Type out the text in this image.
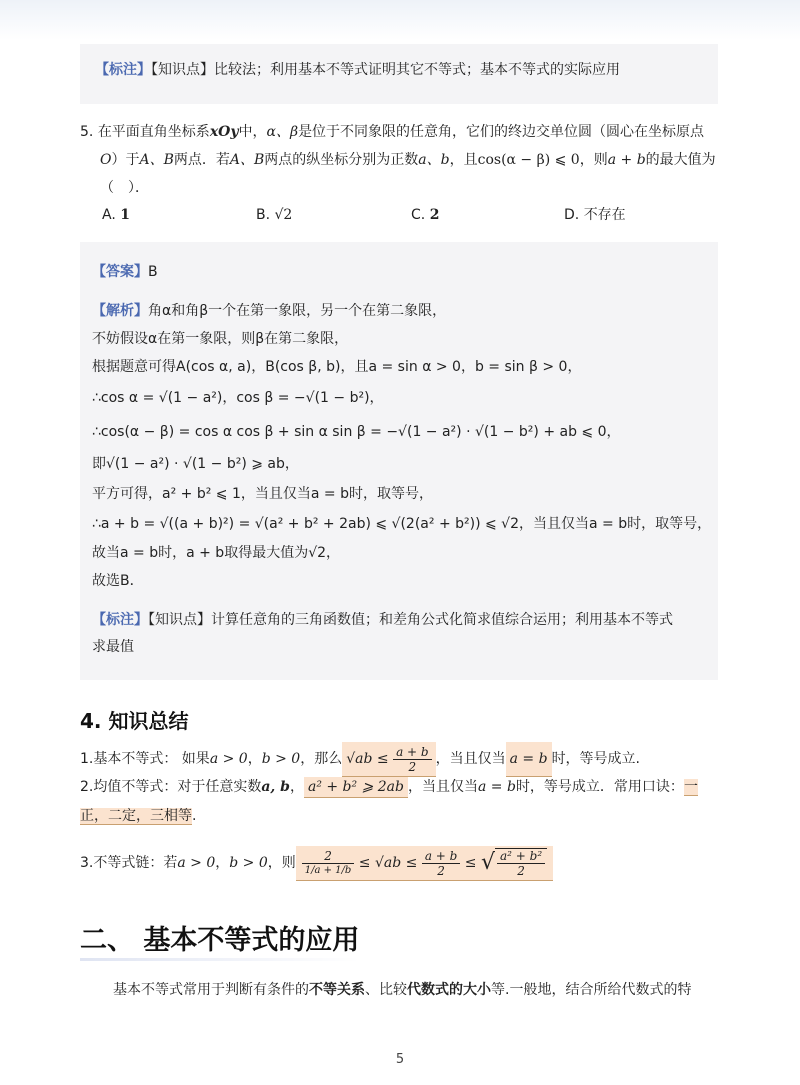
【标注】【知识点】比较法；利用基本不等式证明其它不等式；基本不等式的实际应用
5. 在平面直角坐标系xOy中，α、β是位于不同象限的任意角，它们的终边交单位圆（圆心在坐标原点
O）于A、B两点．若A、B两点的纵坐标分别为正数a、b，且cos(α − β) ⩽ 0，则a + b的最大值为
（　）．
A. 1	B. √2	C. 2	D. 不存在
【答案】B
【解析】角α和角β一个在第一象限，另一个在第二象限，
不妨假设α在第一象限，则β在第二象限，
根据题意可得A(cos α, a)，B(cos β, b)，且a = sin α > 0，b = sin β > 0，
∴cos α = √(1 − a²)，cos β = −√(1 − b²)，
∴cos(α − β) = cos α cos β + sin α sin β = −√(1 − a²) · √(1 − b²) + ab ⩽ 0，
即√(1 − a²) · √(1 − b²) ⩾ ab，
平方可得，a² + b² ⩽ 1，当且仅当a = b时，取等号，
∴a + b = √((a + b)²) = √(a² + b² + 2ab) ⩽ √(2(a² + b²)) ⩽ √2，当且仅当a = b时，取等号，
故当a = b时，a + b取得最大值为√2，
故选B．
【标注】【知识点】计算任意角的三角函数值；和差角公式化简求值综合运用；利用基本不等式
求最值
4. 知识总结
1.基本不等式： 如果a > 0，b > 0，那么 $√ab \le \frac{a + b}{2}$ ，当且仅当 a = b 时，等号成立.
2.均值不等式：对于任意实数a, b， a² + b² ⩾ 2ab ，当且仅当a = b时，等号成立．常用口诀：一
正，二定，三相等.
3.不等式链：若a > 0，b > 0，则 $\frac{2}{1/a + 1/b} \le √ab \le \frac{a + b}{2}$ ≤ √ $\frac{\text{a² + b²}}{2}$
二、 基本不等式的应用
基本不等式常用于判断有条件的不等关系、比较代数式的大小等.一般地，结合所给代数式的特
5
